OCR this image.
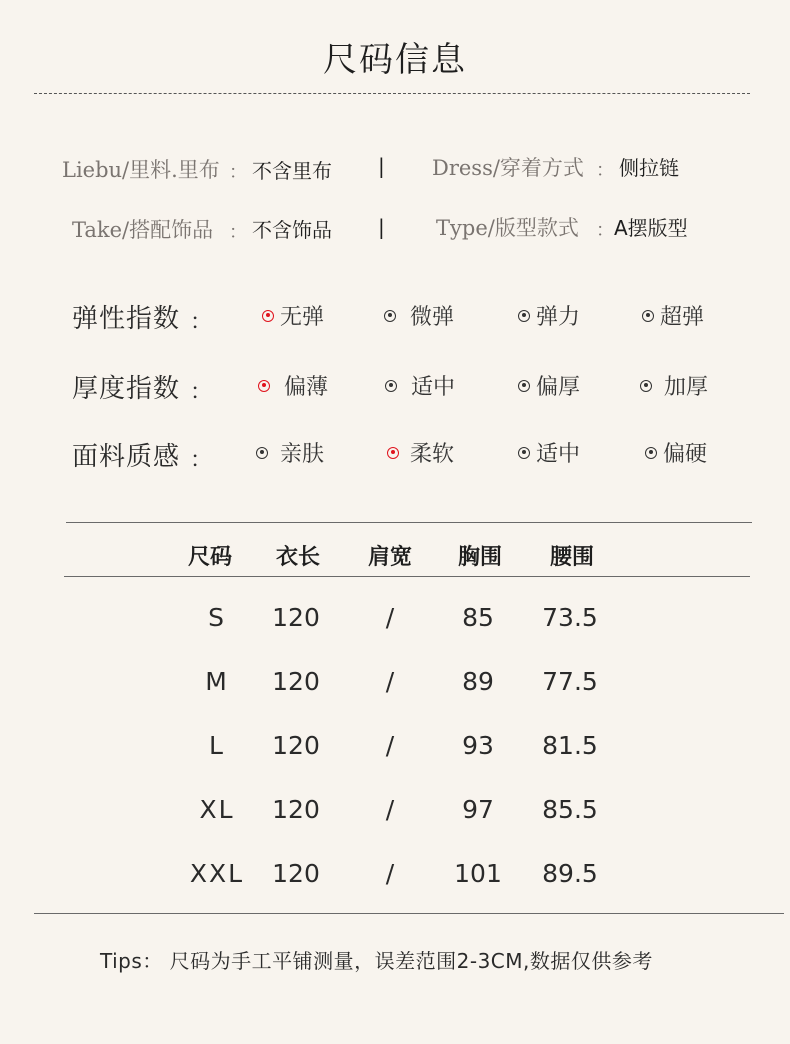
尺码信息
Liebu/里料.里布 ： 不含里布 | Dress/穿着方式 ： 侧拉链
Take/搭配饰品 ： 不含饰品 | Type/版型款式 ： A摆版型
弹性指数 ：	无弹	微弹	弹力	超弹
厚度指数 ：	偏薄	适中	偏厚	加厚
面料质感 ：	亲肤	柔软	适中	偏硬
尺码	衣长	肩宽	胸围	腰围
S	120	/	85	73.5
M	120	/	89	77.5
L	120	/	93	81.5
XL	120	/	97	85.5
XXL	120	/	101	89.5
Tips： 尺码为手工平铺测量，误差范围2-3CM,数据仅供参考
